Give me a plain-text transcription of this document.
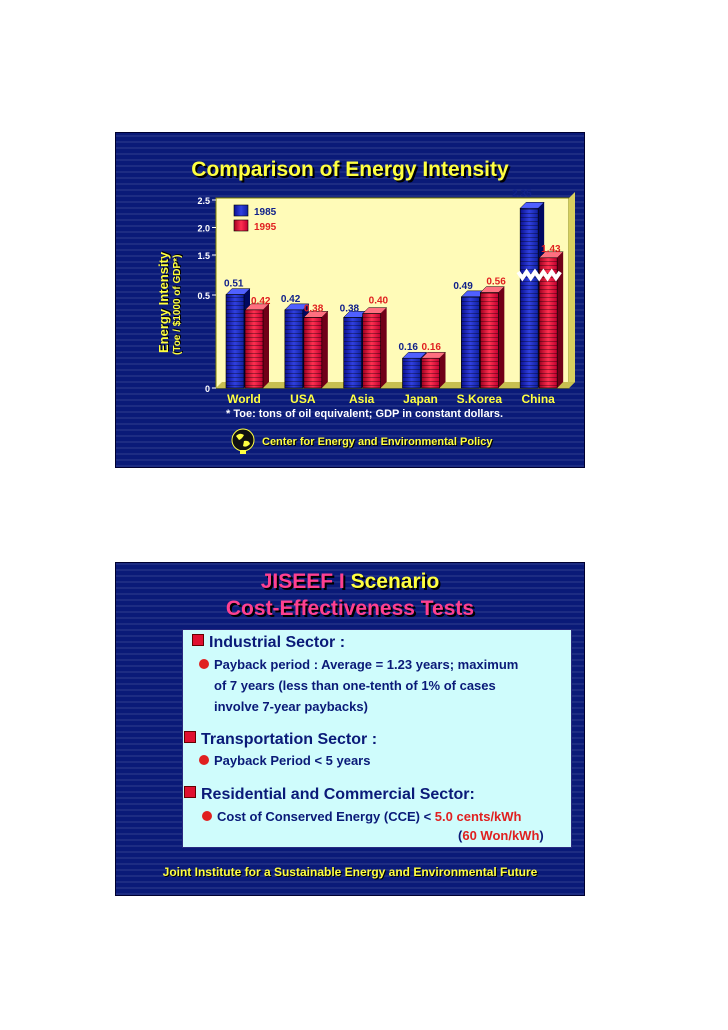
Comparison of Energy Intensity
Energy Intensity (Toe / $1000 of GDP*)
0
0.5
1.5
2.0
2.5
0.51
0.42
World
0.42
0.38
USA
0.38
0.40
Asia
0.16 0.16
Japan
0.49 0.56
S.Korea
2.35
1.43
China
1985
1995
* Toe: tons of oil equivalent; GDP in constant dollars.
Center for Energy and Environmental Policy
JISEEF I Scenario
Cost-Effectiveness Tests
Industrial Sector :
Payback period : Average = 1.23 years; maximum
of 7 years (less than one-tenth of 1% of cases
involve 7-year paybacks)
Transportation Sector :
Payback Period < 5 years
Residential and Commercial Sector:
Cost of Conserved Energy (CCE) < 5.0 cents/kWh
(60 Won/kWh)
Joint Institute for a Sustainable Energy and Environmental Future
